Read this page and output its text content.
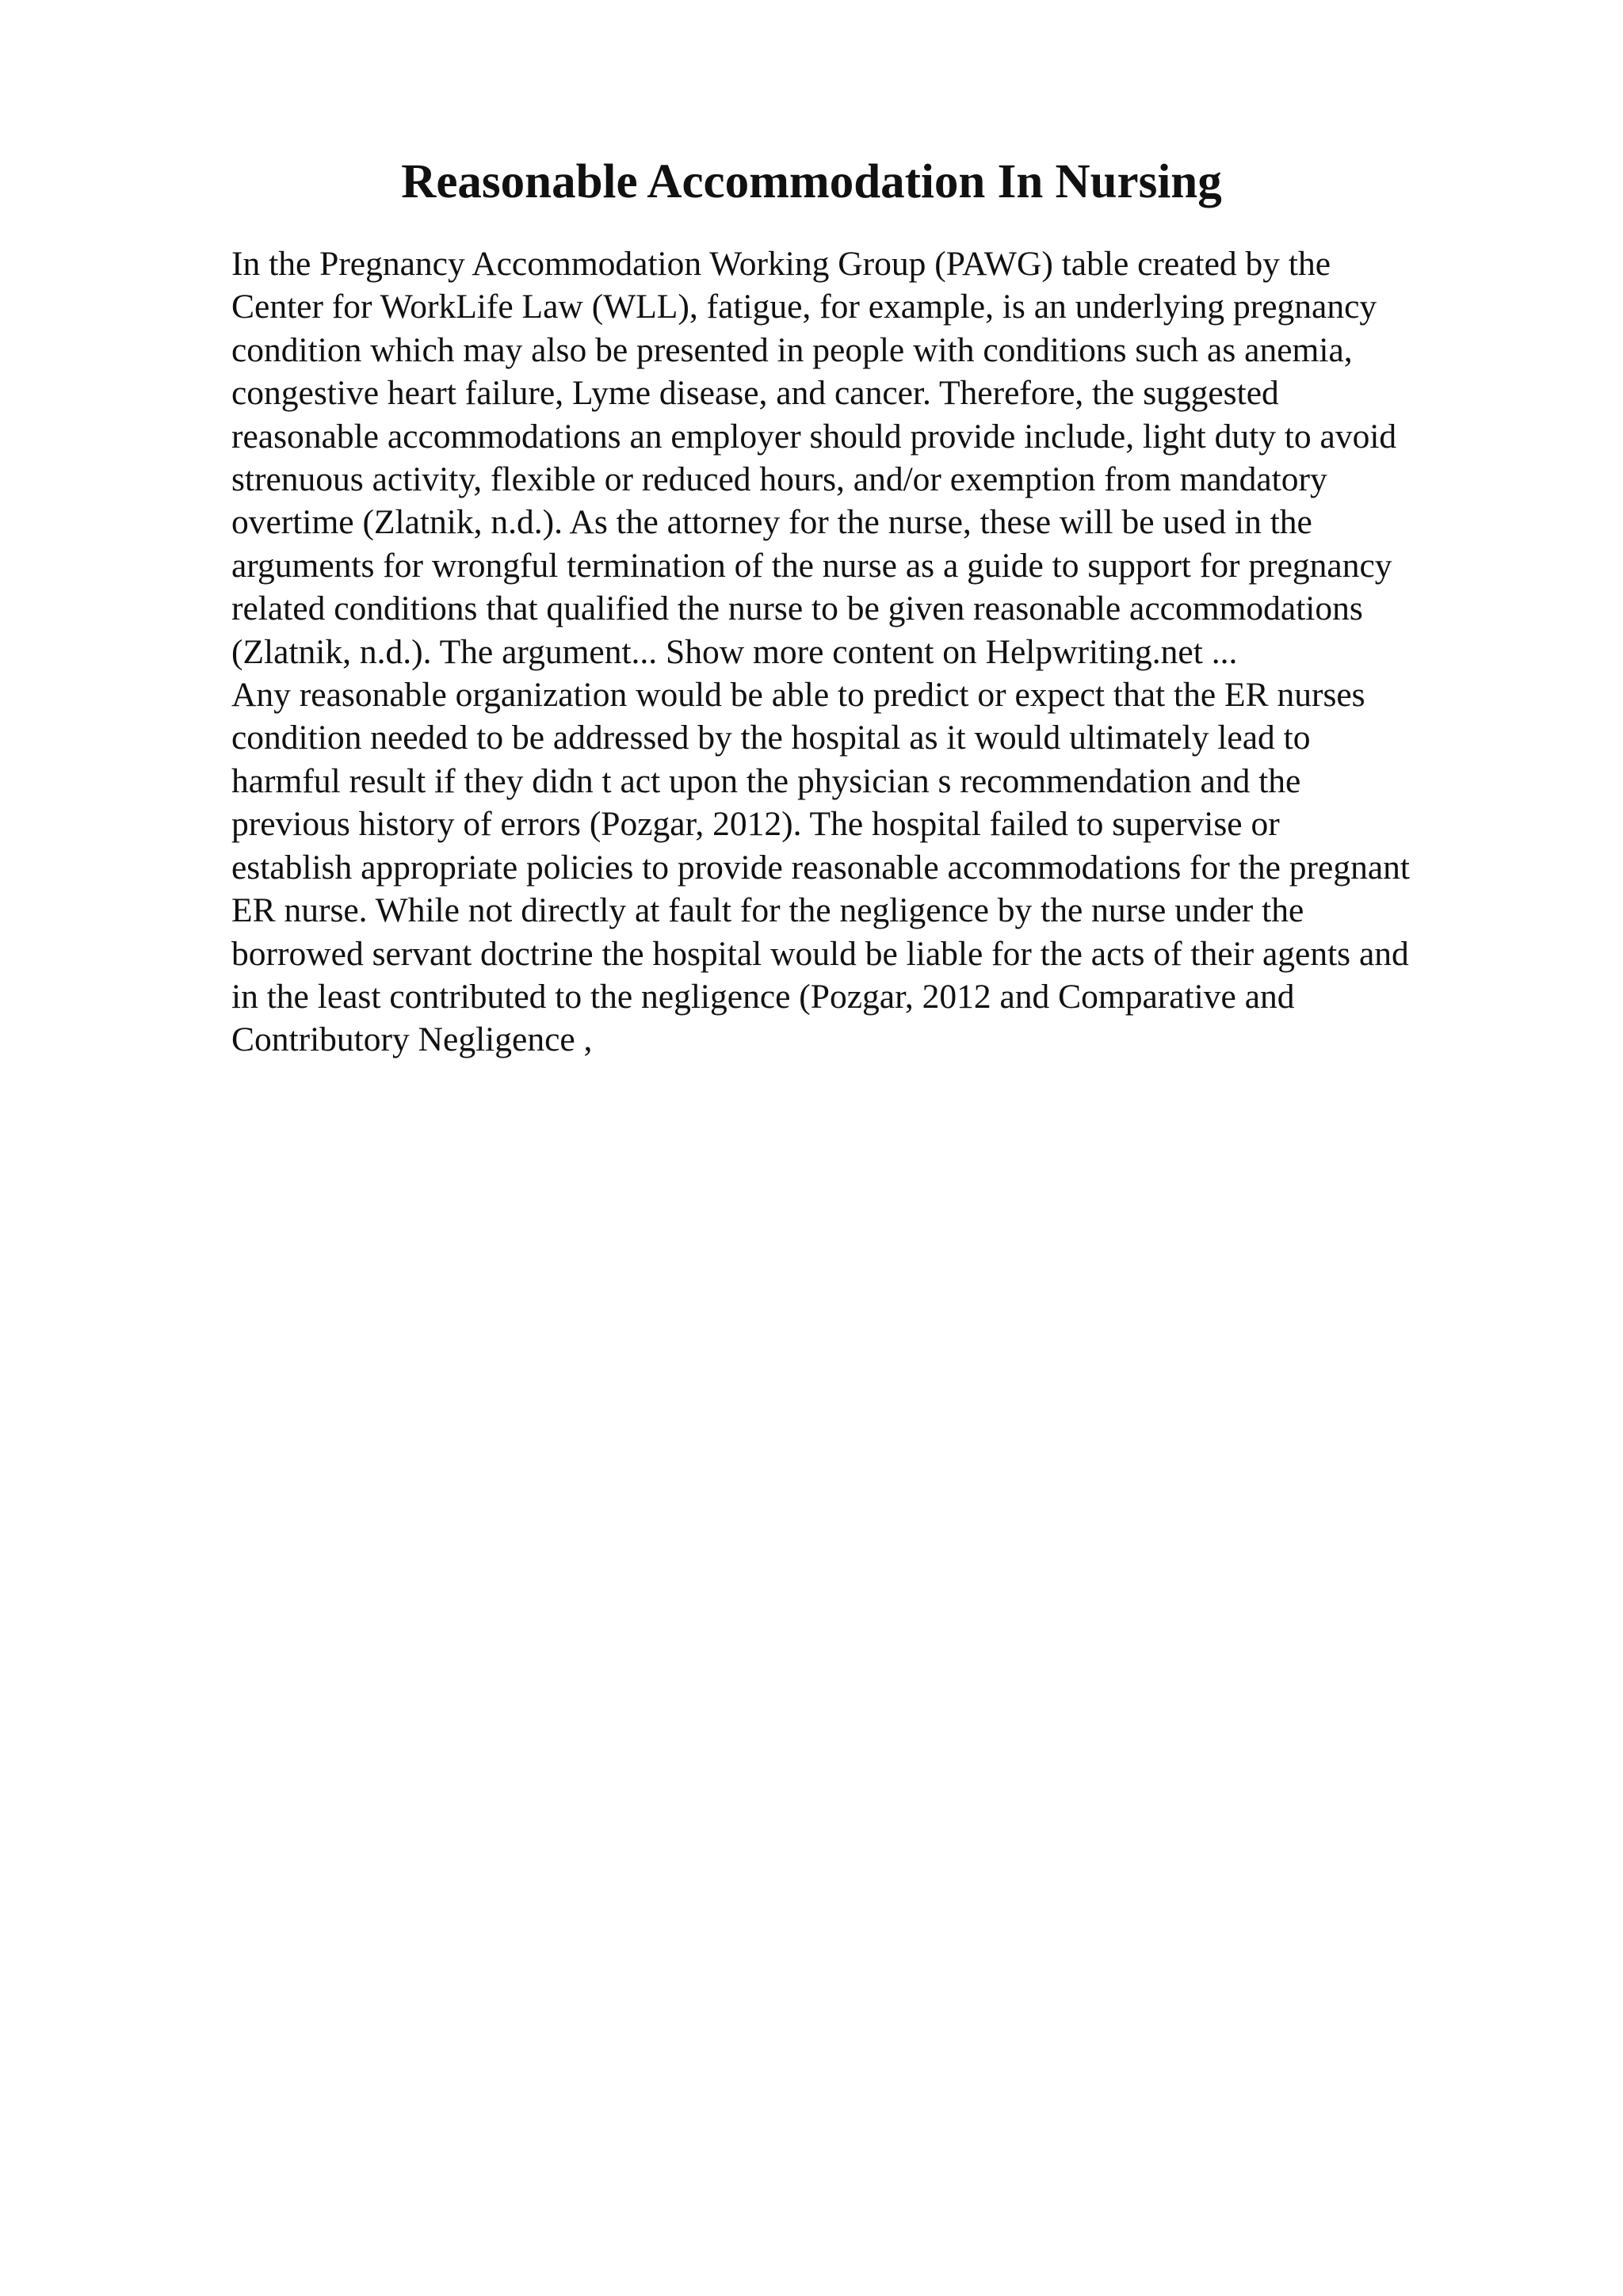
Reasonable Accommodation In Nursing
In the Pregnancy Accommodation Working Group (PAWG) table created by the
Center for WorkLife Law (WLL), fatigue, for example, is an underlying pregnancy
condition which may also be presented in people with conditions such as anemia,
congestive heart failure, Lyme disease, and cancer. Therefore, the suggested
reasonable accommodations an employer should provide include, light duty to avoid
strenuous activity, flexible or reduced hours, and/or exemption from mandatory
overtime (Zlatnik, n.d.). As the attorney for the nurse, these will be used in the
arguments for wrongful termination of the nurse as a guide to support for pregnancy
related conditions that qualified the nurse to be given reasonable accommodations
(Zlatnik, n.d.). The argument... Show more content on Helpwriting.net ...
Any reasonable organization would be able to predict or expect that the ER nurses
condition needed to be addressed by the hospital as it would ultimately lead to
harmful result if they didn t act upon the physician s recommendation and the
previous history of errors (Pozgar, 2012). The hospital failed to supervise or
establish appropriate policies to provide reasonable accommodations for the pregnant
ER nurse. While not directly at fault for the negligence by the nurse under the
borrowed servant doctrine the hospital would be liable for the acts of their agents and
in the least contributed to the negligence (Pozgar, 2012 and Comparative and
Contributory Negligence ,
